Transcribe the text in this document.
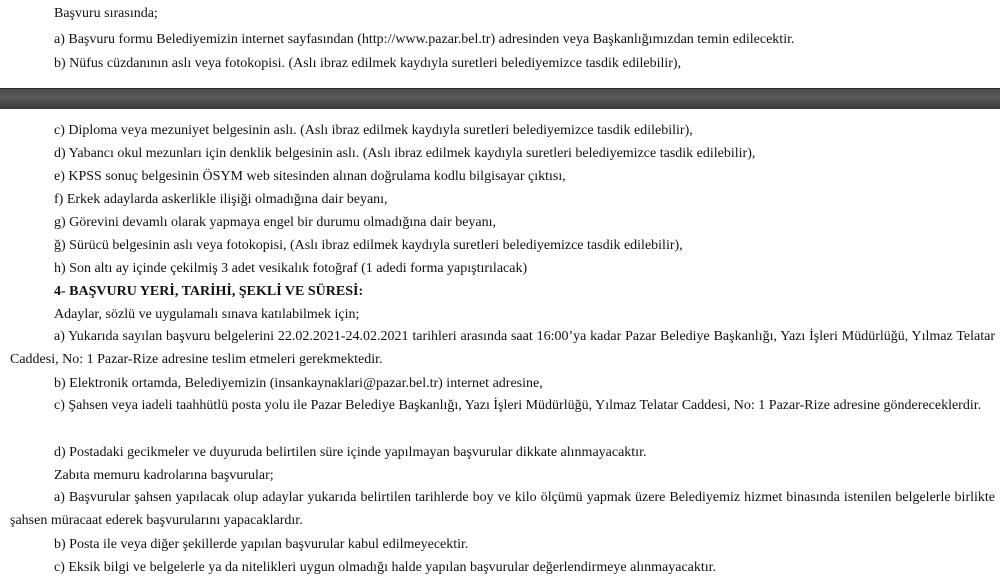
Başvuru sırasında;
a) Başvuru formu Belediyemizin internet sayfasından (http://www.pazar.bel.tr) adresinden veya Başkanlığımızdan temin edilecektir.
b) Nüfus cüzdanının aslı veya fotokopisi. (Aslı ibraz edilmek kaydıyla suretleri belediyemizce tasdik edilebilir),
c) Diploma veya mezuniyet belgesinin aslı. (Aslı ibraz edilmek kaydıyla suretleri belediyemizce tasdik edilebilir),
d) Yabancı okul mezunları için denklik belgesinin aslı. (Aslı ibraz edilmek kaydıyla suretleri belediyemizce tasdik edilebilir),
e) KPSS sonuç belgesinin ÖSYM web sitesinden alınan doğrulama kodlu bilgisayar çıktısı,
f) Erkek adaylarda askerlikle ilişiği olmadığına dair beyanı,
g) Görevini devamlı olarak yapmaya engel bir durumu olmadığına dair beyanı,
ğ) Sürücü belgesinin aslı veya fotokopisi, (Aslı ibraz edilmek kaydıyla suretleri belediyemizce tasdik edilebilir),
h) Son altı ay içinde çekilmiş 3 adet vesikalık fotoğraf (1 adedi forma yapıştırılacak)
4- BAŞVURU YERİ, TARİHİ, ŞEKLİ VE SÜRESİ:
Adaylar, sözlü ve uygulamalı sınava katılabilmek için;
a) Yukarıda sayılan başvuru belgelerini 22.02.2021-24.02.2021 tarihleri arasında saat 16:00’ya kadar Pazar Belediye Başkanlığı, Yazı İşleri Müdürlüğü, Yılmaz Telatar Caddesi, No: 1 Pazar-Rize adresine teslim etmeleri gerekmektedir.
b) Elektronik ortamda, Belediyemizin (insankaynaklari@pazar.bel.tr) internet adresine,
c) Şahsen veya iadeli taahhütlü posta yolu ile Pazar Belediye Başkanlığı, Yazı İşleri Müdürlüğü, Yılmaz Telatar Caddesi, No: 1 Pazar-Rize adresine göndereceklerdir.
d) Postadaki gecikmeler ve duyuruda belirtilen süre içinde yapılmayan başvurular dikkate alınmayacaktır.
Zabıta memuru kadrolarına başvurular;
a) Başvurular şahsen yapılacak olup adaylar yukarıda belirtilen tarihlerde boy ve kilo ölçümü yapmak üzere Belediyemiz hizmet binasında istenilen belgelerle birlikte şahsen müracaat ederek başvurularını yapacaklardır.
b) Posta ile veya diğer şekillerde yapılan başvurular kabul edilmeyecektir.
c) Eksik bilgi ve belgelerle ya da nitelikleri uygun olmadığı halde yapılan başvurular değerlendirmeye alınmayacaktır.
